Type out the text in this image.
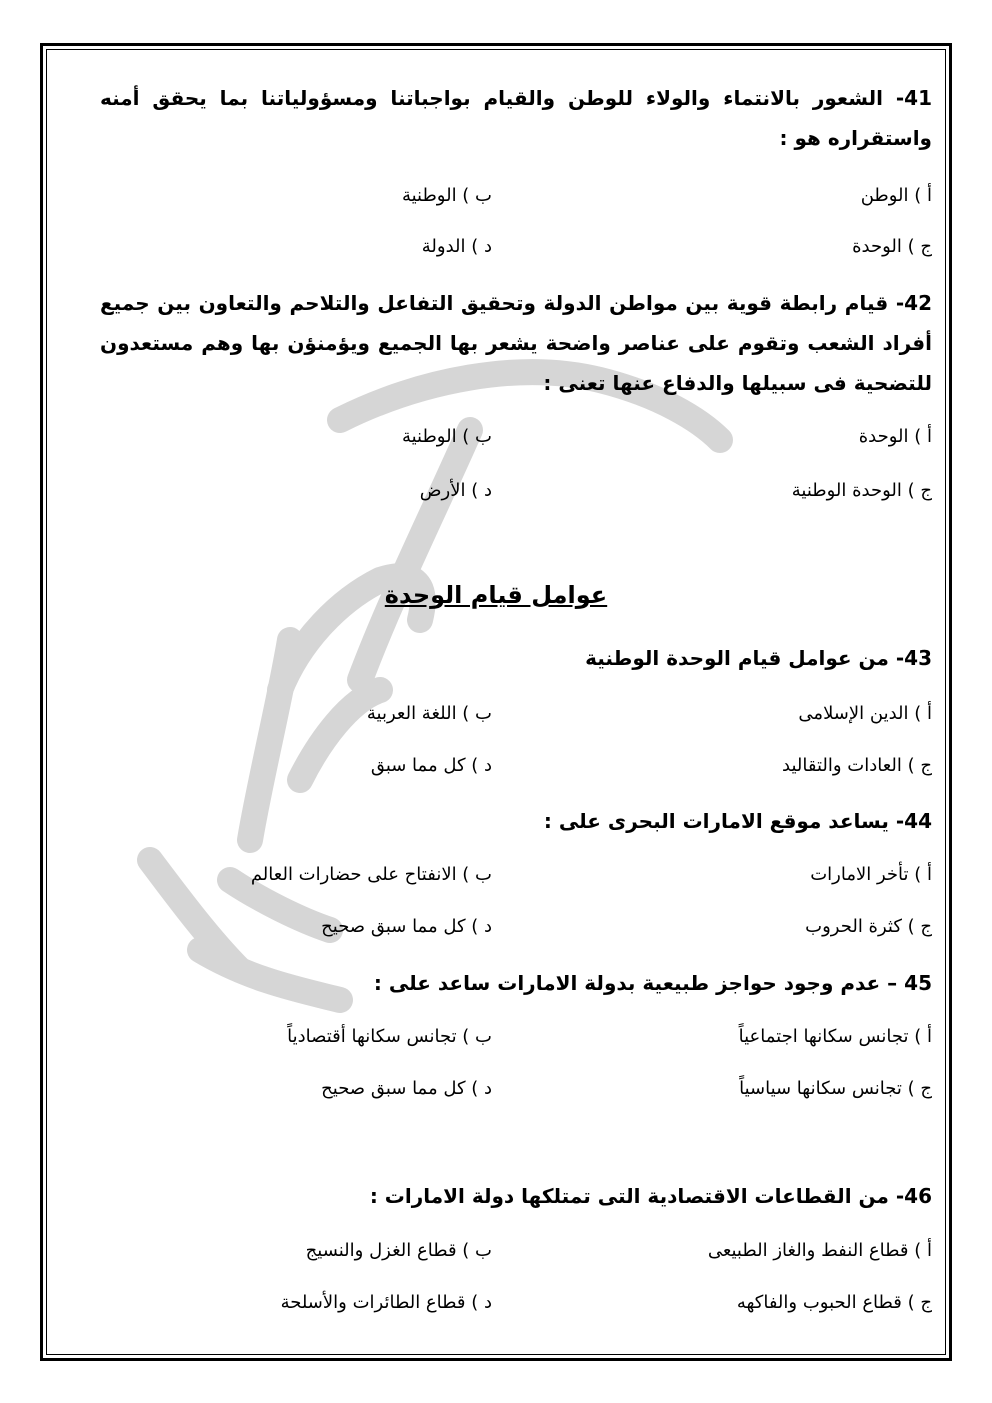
41- الشعور بالانتماء والولاء للوطن والقيام بواجباتنا ومسؤولياتنا بما يحقق أمنه واستقراره هو :

أ ) الوطن
ب ) الوطنية
ج ) الوحدة
د ) الدولة

42- قيام رابطة قوية بين مواطن الدولة وتحقيق التفاعل والتلاحم والتعاون بين جميع أفراد الشعب وتقوم على عناصر واضحة يشعر بها الجميع ويؤمنؤن بها وهم مستعدون للتضحية فى سبيلها والدفاع عنها تعنى :

أ ) الوحدة
ب ) الوطنية
ج ) الوحدة الوطنية
د ) الأرض

43- من عوامل قيام الوحدة الوطنية

أ ) الدين الإسلامى
ب ) اللغة العربية
ج ) العادات والتقاليد
د ) كل مما سبق

44- يساعد موقع الامارات البحرى على :

أ ) تأخر الامارات
ب ) الانفتاح على حضارات العالم
ج ) كثرة الحروب
د ) كل مما سبق صحيح

45 – عدم وجود حواجز طبيعية بدولة الامارات ساعد على :

أ ) تجانس سكانها اجتماعياً
ب ) تجانس سكانها أقتصادياً
ج ) تجانس سكانها سياسياً
د ) كل مما سبق صحيح

46- من القطاعات الاقتصادية التى تمتلكها دولة الامارات :

أ ) قطاع النفط والغاز الطبيعى
ب ) قطاع الغزل والنسيج
ج ) قطاع الحبوب والفاكهه
د ) قطاع الطائرات والأسلحة
عوامل قيام الوحدة
